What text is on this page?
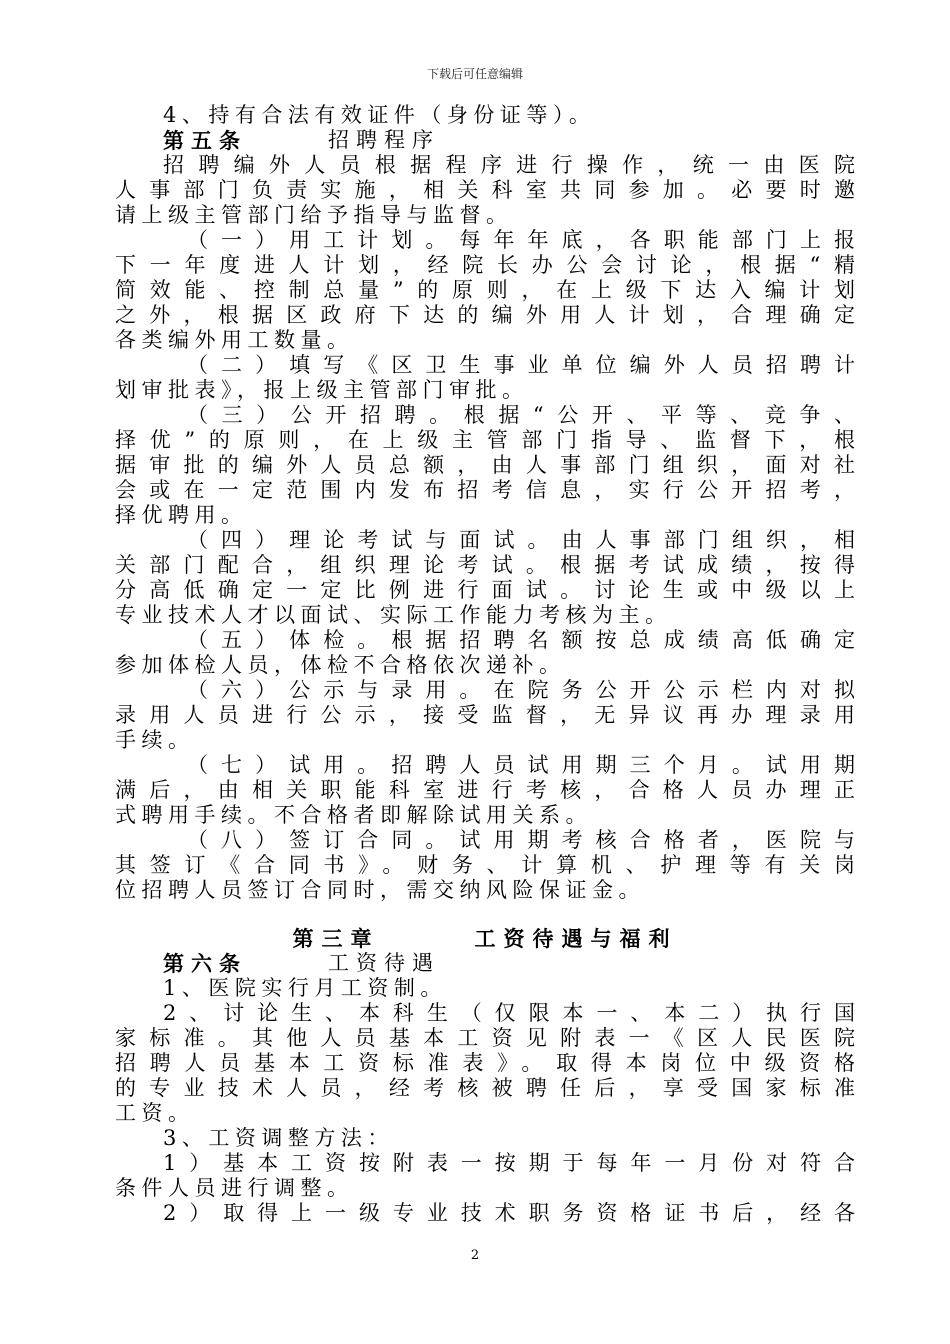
下载后可任意编辑
4、持有合法有效证件（身份证等）。
第五条	招聘程序
招聘编外人员根据程序进行操作，统一由医院
人事部门负责实施，相关科室共同参加。必要时邀
请上级主管部门给予指导与监督。
（一）用工计划。每年年底，各职能部门上报
下一年度进人计划，经院长办公会讨论，根据“精
简效能、控制总量”的原则，在上级下达入编计划
之外，根据区政府下达的编外用人计划，合理确定
各类编外用工数量。
（二）填写《区卫生事业单位编外人员招聘计
划审批表》，报上级主管部门审批。
（三）公开招聘。根据“公开、平等、竞争、
择优”的原则，在上级主管部门指导、监督下，根
据审批的编外人员总额，由人事部门组织，面对社
会或在一定范围内发布招考信息，实行公开招考，
择优聘用。
（四）理论考试与面试。由人事部门组织，相
关部门配合，组织理论考试。根据考试成绩，按得
分高低确定一定比例进行面试。讨论生或中级以上
专业技术人才以面试、实际工作能力考核为主。
（五）体检。根据招聘名额按总成绩高低确定
参加体检人员，体检不合格依次递补。
（六）公示与录用。在院务公开公示栏内对拟
录用人员进行公示，接受监督，无异议再办理录用
手续。
（七）试用。招聘人员试用期三个月。试用期
满后，由相关职能科室进行考核，合格人员办理正
式聘用手续。不合格者即解除试用关系。
（八）签订合同。试用期考核合格者，医院与
其签订《合同书》。财务、计算机、护理等有关岗
位招聘人员签订合同时，需交纳风险保证金。
第三章	工资待遇与福利
第六条	工资待遇
1、医院实行月工资制。
2、讨论生、本科生（仅限本一、本二）执行国
家标准。其他人员基本工资见附表一《区人民医院
招聘人员基本工资标准表》。取得本岗位中级资格
的专业技术人员，经考核被聘任后，享受国家标准
工资。
3、工资调整方法：
1）基本工资按附表一按期于每年一月份对符合
条件人员进行调整。
2）取得上一级专业技术职务资格证书后，经各
2
